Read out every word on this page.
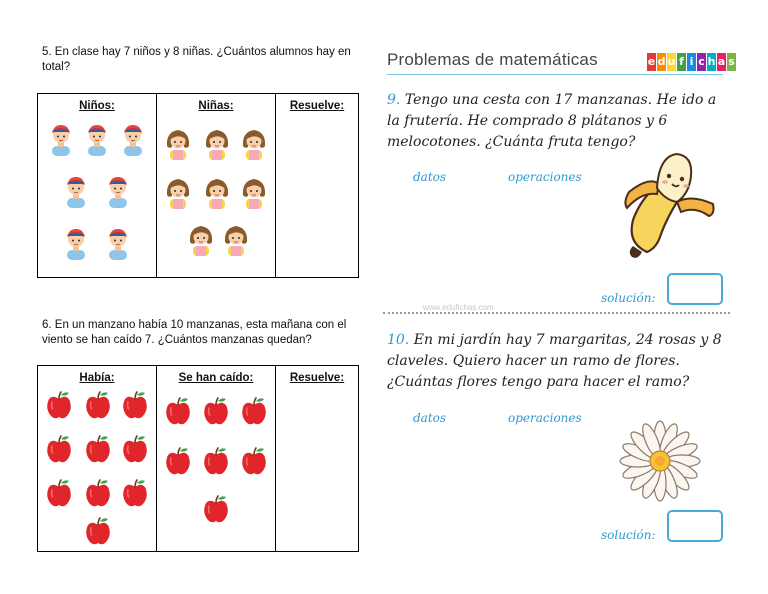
5. En clase hay 7 niños y 8 niñas. ¿Cuántos alumnos hay en total?
Niños:	Niñas:	Resuelve:
6. En un manzano había 10 manzanas, esta mañana con el viento se han caído 7. ¿Cuántos manzanas quedan?
Había:	Se han caído:	Resuelve:
Problemas de matemáticas	e d u f i c h a s
9. Tengo una cesta con 17 manzanas. He ido a la frutería. He comprado 8 plátanos y 6 melocotones. ¿Cuánta fruta tengo?
datos	operaciones
solución:
www.edufichas.com
10. En mi jardín hay 7 margaritas, 24 rosas y 8 claveles. Quiero hacer un ramo de flores. ¿Cuántas flores tengo para hacer el ramo?
datos	operaciones
solución:
